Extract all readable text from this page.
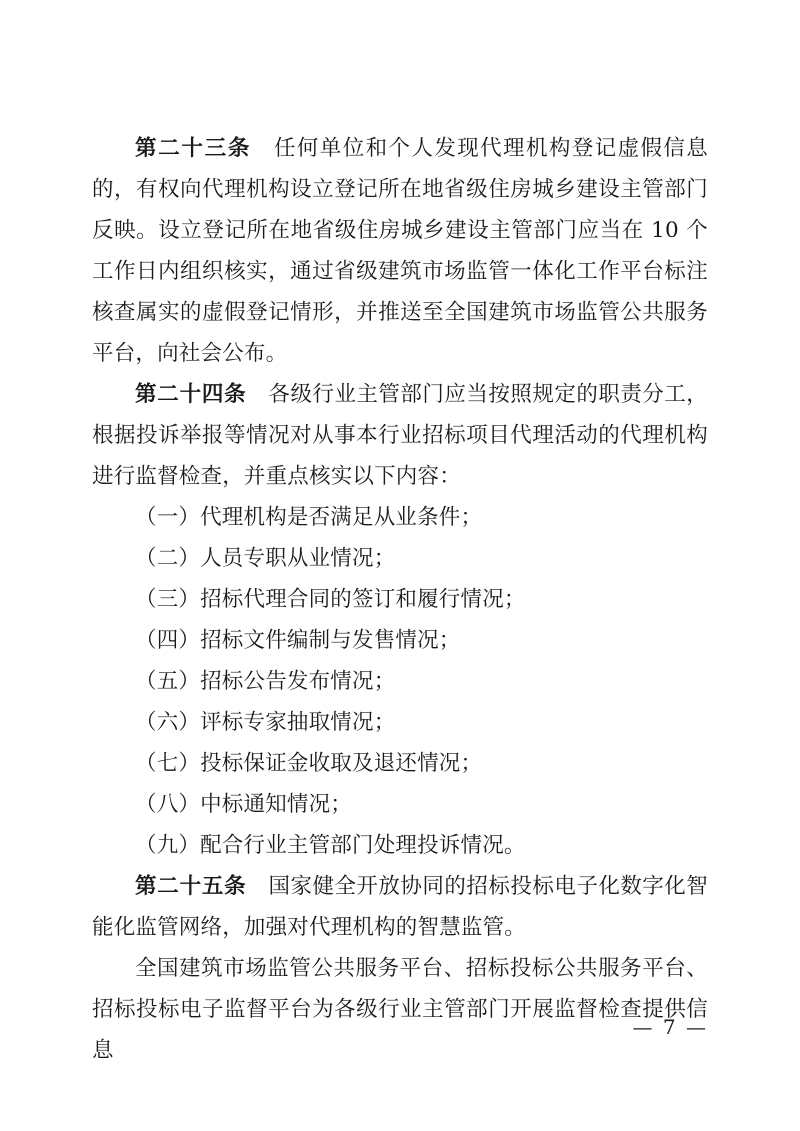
第二十三条　 任何单位和个人发现代理机构登记虚假信息的，有权向代理机构设立登记所在地省级住房城乡建设主管部门反映。设立登记所在地省级住房城乡建设主管部门应当在 10 个工作日内组织核实，通过省级建筑市场监管一体化工作平台标注核查属实的虚假登记情形，并推送至全国建筑市场监管公共服务平台，向社会公布。

第二十四条　 各级行业主管部门应当按照规定的职责分工，根据投诉举报等情况对从事本行业招标项目代理活动的代理机构进行监督检查，并重点核实以下内容：

（一）代理机构是否满足从业条件；

（二）人员专职从业情况；

（三）招标代理合同的签订和履行情况；

（四）招标文件编制与发售情况；

（五）招标公告发布情况；

（六）评标专家抽取情况；

（七）投标保证金收取及退还情况；

（八）中标通知情况；

（九）配合行业主管部门处理投诉情况。

第二十五条　 国家健全开放协同的招标投标电子化数字化智能化监管网络，加强对代理机构的智慧监管。

全国建筑市场监管公共服务平台、招标投标公共服务平台、招标投标电子监督平台为各级行业主管部门开展监督检查提供信息

— 7 —
